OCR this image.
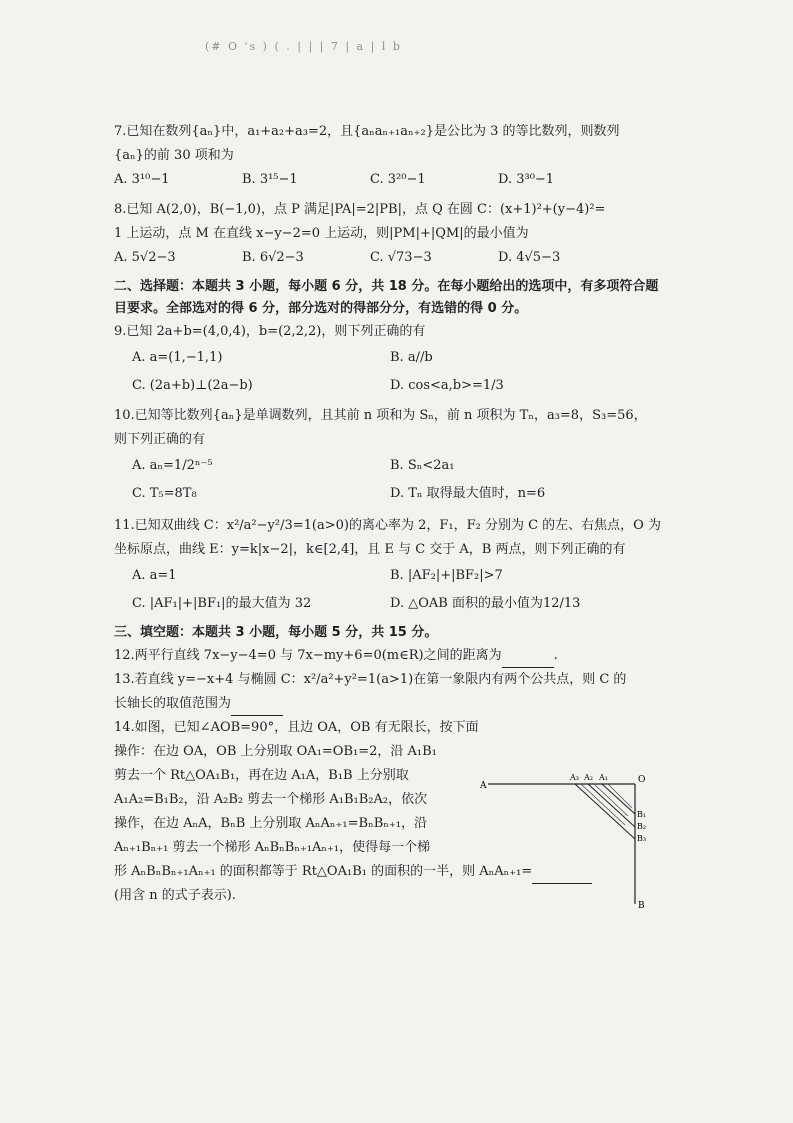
(# O 's ) ( . | | | 7 | a | l b
7.已知在数列{aₙ}中，a₁+a₂+a₃=2，且{aₙaₙ₊₁aₙ₊₂}是公比为 3 的等比数列，则数列
{aₙ}的前 30 项和为
A. 3¹⁰−1	B. 3¹⁵−1	C. 3²⁰−1	D. 3³⁰−1
8.已知 A(2,0)，B(−1,0)，点 P 满足|PA|=2|PB|，点 Q 在圆 C：(x+1)²+(y−4)²=
1 上运动，点 M 在直线 x−y−2=0 上运动，则|PM|+|QM|的最小值为
A. 5√2−3	B. 6√2−3	C. √73−3	D. 4√5−3
二、选择题：本题共 3 小题，每小题 6 分，共 18 分。在每小题给出的选项中，有多项符合题
目要求。全部选对的得 6 分，部分选对的得部分分，有选错的得 0 分。
9.已知 2a+b=(4,0,4)，b=(2,2,2)，则下列正确的有
A. a=(1,−1,1)	B. a//b
C. (2a+b)⊥(2a−b)	D. cos<a,b>=1/3
10.已知等比数列{aₙ}是单调数列，且其前 n 项和为 Sₙ，前 n 项积为 Tₙ，a₃=8，S₃=56，
则下列正确的有
A. aₙ=1/2ⁿ⁻⁵	B. Sₙ<2a₁
C. T₅=8T₈	D. Tₙ 取得最大值时，n=6
11.已知双曲线 C：x²/a²−y²/3=1(a>0)的离心率为 2，F₁，F₂ 分别为 C 的左、右焦点，O 为
坐标原点，曲线 E：y=k|x−2|，k∈[2,4]，且 E 与 C 交于 A，B 两点，则下列正确的有
A. a=1	B. |AF₂|+|BF₂|>7
C. |AF₁|+|BF₁|的最大值为 32	D. △OAB 面积的最小值为12/13
三、填空题：本题共 3 小题，每小题 5 分，共 15 分。
12.两平行直线 7x−y−4=0 与 7x−my+6=0(m∈R)之间的距离为	.
13.若直线 y=−x+4 与椭圆 C：x²/a²+y²=1(a>1)在第一象限内有两个公共点，则 C 的
长轴长的取值范围为
14.如图，已知∠AOB=90°，且边 OA，OB 有无限长，按下面
操作：在边 OA，OB 上分别取 OA₁=OB₁=2，沿 A₁B₁
剪去一个 Rt△OA₁B₁，再在边 A₁A，B₁B 上分别取
A₁A₂=B₁B₂，沿 A₂B₂ 剪去一个梯形 A₁B₁B₂A₂，依次
操作，在边 AₙA，BₙB 上分别取 AₙAₙ₊₁=BₙBₙ₊₁，沿
Aₙ₊₁Bₙ₊₁ 剪去一个梯形 AₙBₙBₙ₊₁Aₙ₊₁，使得每一个梯
形 AₙBₙBₙ₊₁Aₙ₊₁ 的面积都等于 Rt△OA₁B₁ 的面积的一半，则 AₙAₙ₊₁=
(用含 n 的式子表示).
A
O
A₁
A₂
A₃
B₁
B₂
B₃
B
